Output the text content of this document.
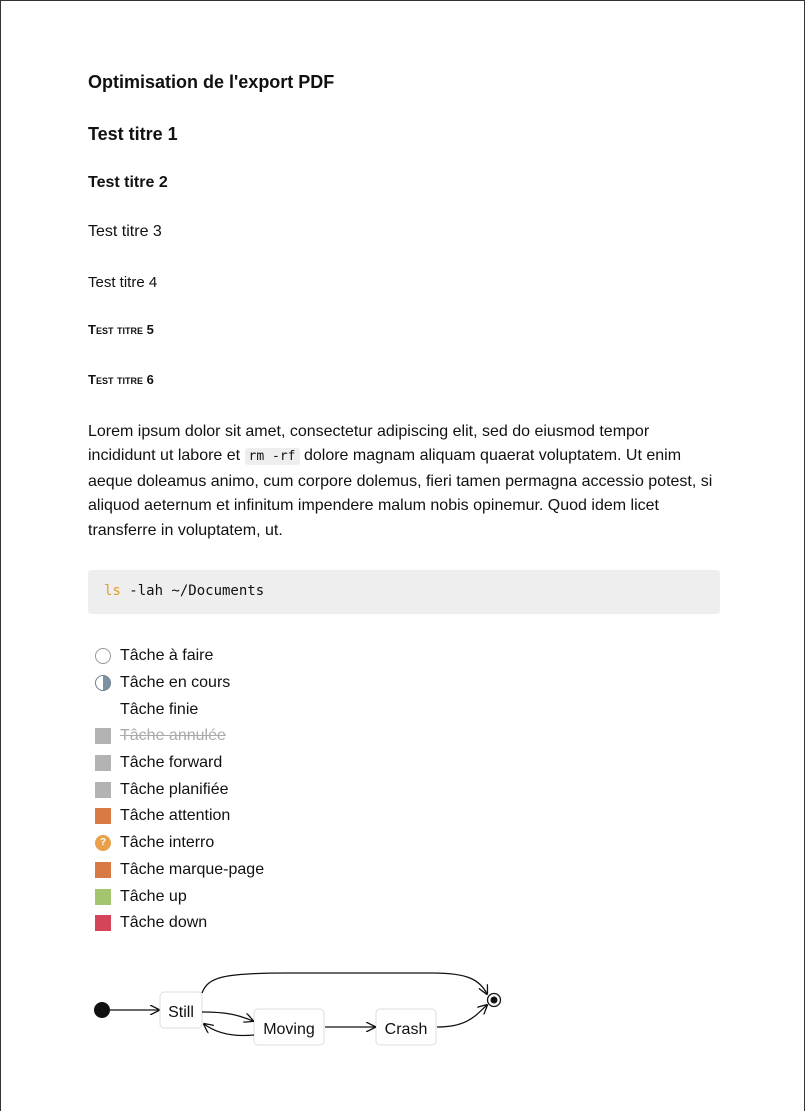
Optimisation de l'export PDF
Test titre 1
Test titre 2
Test titre 3
Test titre 4
Test titre 5
Test titre 6

Lorem ipsum dolor sit amet, consectetur adipiscing elit, sed do eiusmod tempor incididunt ut labore et rm -rf dolore magnam aliquam quaerat voluptatem. Ut enim aeque doleamus animo, cum corpore dolemus, fieri tamen permagna accessio potest, si aliquod aeternum et infinitum impendere malum nobis opinemur. Quod idem licet transferre in voluptatem, ut.

ls -lah ~/Documents
Tâche à faire
Tâche en cours
Tâche finie
Tâche annulée
Tâche forward
Tâche planifiée
Tâche attention
? Tâche interro
Tâche marque-page
Tâche up
Tâche down
Still
Moving	Crash
